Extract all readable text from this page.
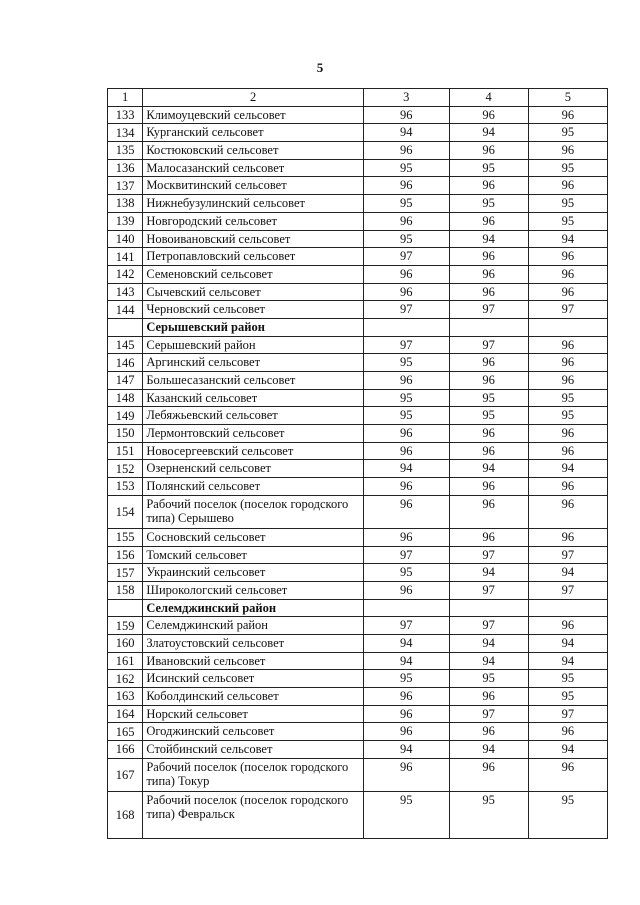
5
1	2	3	4	5
133	Климоуцевский сельсовет	96	96	96
134	Курганский сельсовет	94	94	95
135	Костюковский сельсовет	96	96	96
136	Малосазанский сельсовет	95	95	95
137	Москвитинский сельсовет	96	96	96
138	Нижнебузулинский сельсовет	95	95	95
139	Новгородский сельсовет	96	96	95
140	Новоивановский сельсовет	95	94	94
141	Петропавловский сельсовет	97	96	96
142	Семеновский сельсовет	96	96	96
143	Сычевский сельсовет	96	96	96
144	Черновский сельсовет	97	97	97
	Серышевский район			
145	Серышевский район	97	97	96
146	Аргинский сельсовет	95	96	96
147	Большесазанский сельсовет	96	96	96
148	Казанский сельсовет	95	95	95
149	Лебяжьевский сельсовет	95	95	95
150	Лермонтовский сельсовет	96	96	96
151	Новосергеевский сельсовет	96	96	96
152	Озерненский сельсовет	94	94	94
153	Полянский сельсовет	96	96	96
154	Рабочий поселок (поселок городского типа) Серышево	96	96	96
155	Сосновский сельсовет	96	96	96
156	Томский сельсовет	97	97	97
157	Украинский сельсовет	95	94	94
158	Широкологский сельсовет	96	97	97
	Селемджинский район			
159	Селемджинский район	97	97	96
160	Златоустовский сельсовет	94	94	94
161	Ивановский сельсовет	94	94	94
162	Исинский сельсовет	95	95	95
163	Коболдинский сельсовет	96	96	95
164	Норский сельсовет	96	97	97
165	Огоджинский сельсовет	96	96	96
166	Стойбинский сельсовет	94	94	94
167	Рабочий поселок (поселок городского типа) Токур	96	96	96
168	Рабочий поселок (поселок городского типа) Февральск	95	95	95
